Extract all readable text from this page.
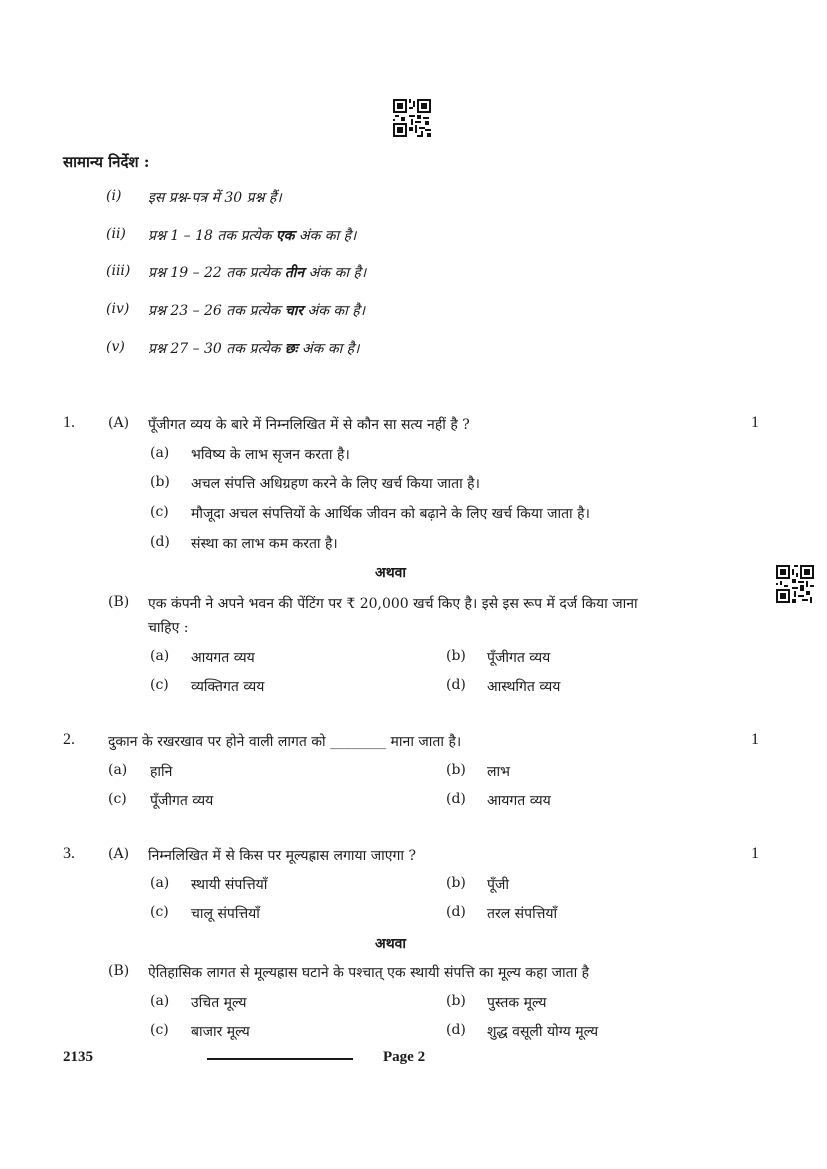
सामान्य निर्देश :
(i) इस प्रश्न-पत्र में 30 प्रश्न हैं।
(ii) प्रश्न 1 – 18 तक प्रत्येक एक अंक का है।
(iii) प्रश्न 19 – 22 तक प्रत्येक तीन अंक का है।
(iv) प्रश्न 23 – 26 तक प्रत्येक चार अंक का है।
(v) प्रश्न 27 – 30 तक प्रत्येक छः अंक का है।
1. (A) पूँजीगत व्यय के बारे में निम्नलिखित में से कौन सा सत्य नहीं है ?	1
(a) भविष्य के लाभ सृजन करता है।
(b) अचल संपत्ति अधिग्रहण करने के लिए खर्च किया जाता है।
(c) मौजूदा अचल संपत्तियों के आर्थिक जीवन को बढ़ाने के लिए खर्च किया जाता है।
(d) संस्था का लाभ कम करता है।
अथवा
(B) एक कंपनी ने अपने भवन की पेंटिंग पर ₹ 20,000 खर्च किए है। इसे इस रूप में दर्ज किया जाना
चाहिए :
(a) आयगत व्यय	(b) पूँजीगत व्यय
(c) व्यक्तिगत व्यय	(d) आस्थगित व्यय
2. दुकान के रखरखाव पर होने वाली लागत को ________ माना जाता है।	1
(a) हानि	(b) लाभ
(c) पूँजीगत व्यय	(d) आयगत व्यय
3. (A) निम्नलिखित में से किस पर मूल्यह्रास लगाया जाएगा ?	1
(a) स्थायी संपत्तियाँ	(b) पूँजी
(c) चालू संपत्तियाँ	(d) तरल संपत्तियाँ
अथवा
(B) ऐतिहासिक लागत से मूल्यह्रास घटाने के पश्चात् एक स्थायी संपत्ति का मूल्य कहा जाता है
(a) उचित मूल्य	(b) पुस्तक मूल्य
(c) बाजार मूल्य	(d) शुद्ध वसूली योग्य मूल्य
2135	Page 2
